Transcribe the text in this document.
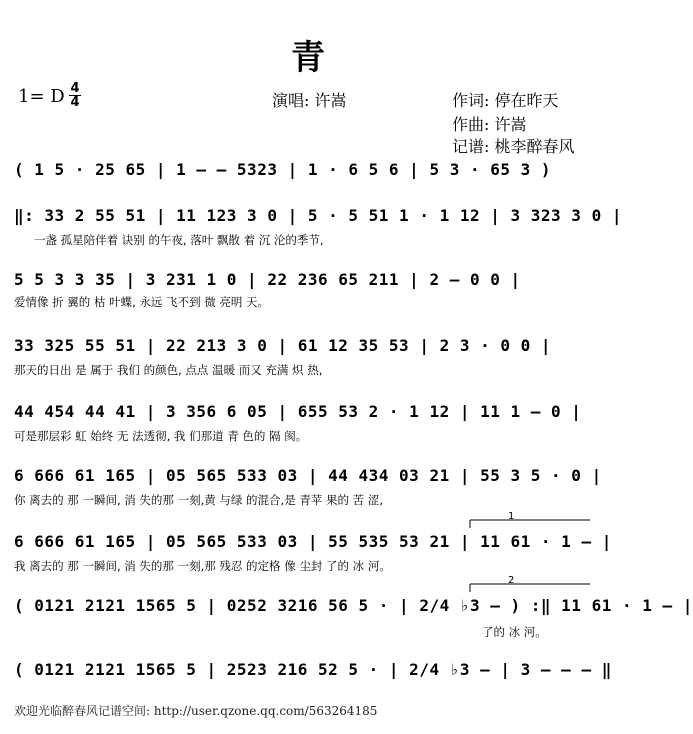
青
1= D 4
4	演唱: 许嵩	作词: 停在昨天
作曲: 许嵩
记谱: 桃李醉春风
( 1 5 · 25 65 | 1 – – 5323 | 1 · 6 5 6 | 5 3 · 65 3 )
‖: 33 2 55 51 | 11 123 3 0 | 5 · 5 51 1 · 1 12 | 3 323 3 0 |
一盏 孤星陪伴着 诀别 的午夜, 落叶 飘散 着 沉 沦的季节,
5 5 3 3 35 | 3 231 1 0 | 22 236 65 211 | 2 – 0 0 |
爱情像 折 翼的 枯 叶蝶, 永远 飞不到 微 亮明 天。
33 325 55 51 | 22 213 3 0 | 61 12 35 53 | 2 3 · 0 0 |
那天的日出 是 属于 我们 的颜色, 点点 温暖 而又 充满 炽 热,
44 454 44 41 | 3 356 6 05 | 655 53 2 · 1 12 | 11 1 – 0 |
可是那层彩 虹 始终 无 法透彻, 我 们那道 青 色的 隔 阂。
6 666 61 165 | 05 565 533 03 | 44 434 03 21 | 55 3 5 · 0 |
你 离去的 那 一瞬间, 消 失的那 一刻,黄 与绿 的混合,是 青苹 果的 苦 涩,
6 666 61 165 | 05 565 533 03 | 55 535 53 21 | 11 61 · 1 – |
我 离去的 那 一瞬间, 消 失的那 一刻,那 残忍 的定格 像 尘封 了的 冰 河。
( 0121 2121 1565 5 | 0252 3216 56 5 · | 2/4 ♭3 – ) :‖ 11 61 · 1 – |
了的 冰 河。
( 0121 2121 1565 5 | 2523 216 52 5 · | 2/4 ♭3 – | 3 – – – ‖
1
2
欢迎光临醉春风记谱空间: http://user.qzone.qq.com/563264185
